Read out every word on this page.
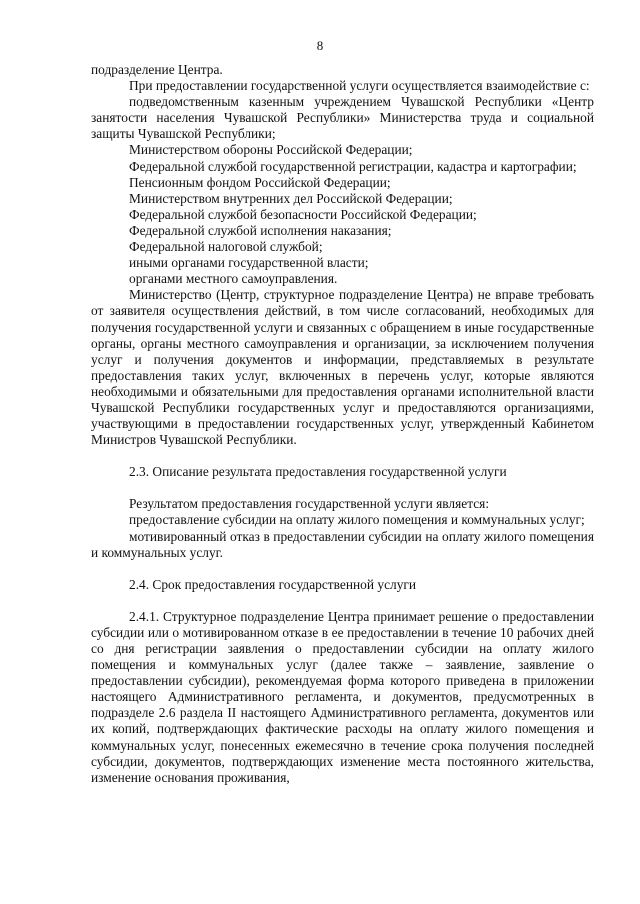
8

подразделение Центра.

При предоставлении государственной услуги осуществляется взаимодействие с:

подведомственным казенным учреждением Чувашской Республики «Центр занятости населения Чувашской Республики» Министерства труда и социальной защиты Чувашской Республики;

Министерством обороны Российской Федерации;

Федеральной службой государственной регистрации, кадастра и картографии;

Пенсионным фондом Российской Федерации;

Министерством внутренних дел Российской Федерации;

Федеральной службой безопасности Российской Федерации;

Федеральной службой исполнения наказания;

Федеральной налоговой службой;

иными органами государственной власти;

органами местного самоуправления.

Министерство (Центр, структурное подразделение Центра) не вправе требовать от заявителя осуществления действий, в том числе согласований, необходимых для получения государственной услуги и связанных с обращением в иные государственные органы, органы местного самоуправления и организации, за исключением получения услуг и получения документов и информации, представляемых в результате предоставления таких услуг, включенных в перечень услуг, которые являются необходимыми и обязательными для предоставления органами исполнительной власти Чувашской Республики государственных услуг и предоставляются организациями, участвующими в предоставлении государственных услуг, утвержденный Кабинетом Министров Чувашской Республики.

2.3. Описание результата предоставления государственной услуги

Результатом предоставления государственной услуги является:

предоставление субсидии на оплату жилого помещения и коммунальных услуг;

мотивированный отказ в предоставлении субсидии на оплату жилого помещения и коммунальных услуг.

2.4. Срок предоставления государственной услуги

2.4.1. Структурное подразделение Центра принимает решение о предоставлении субсидии или о мотивированном отказе в ее предоставлении в течение 10 рабочих дней со дня регистрации заявления о предоставлении субсидии на оплату жилого помещения и коммунальных услуг (далее также – заявление, заявление о предоставлении субсидии), рекомендуемая форма которого приведена в приложении настоящего Административного регламента, и документов, предусмотренных в подразделе 2.6 раздела II настоящего Административного регламента, документов или их копий, подтверждающих фактические расходы на оплату жилого помещения и коммунальных услуг, понесенных ежемесячно в течение срока получения последней субсидии, документов, подтверждающих изменение места постоянного жительства, изменение основания проживания,
